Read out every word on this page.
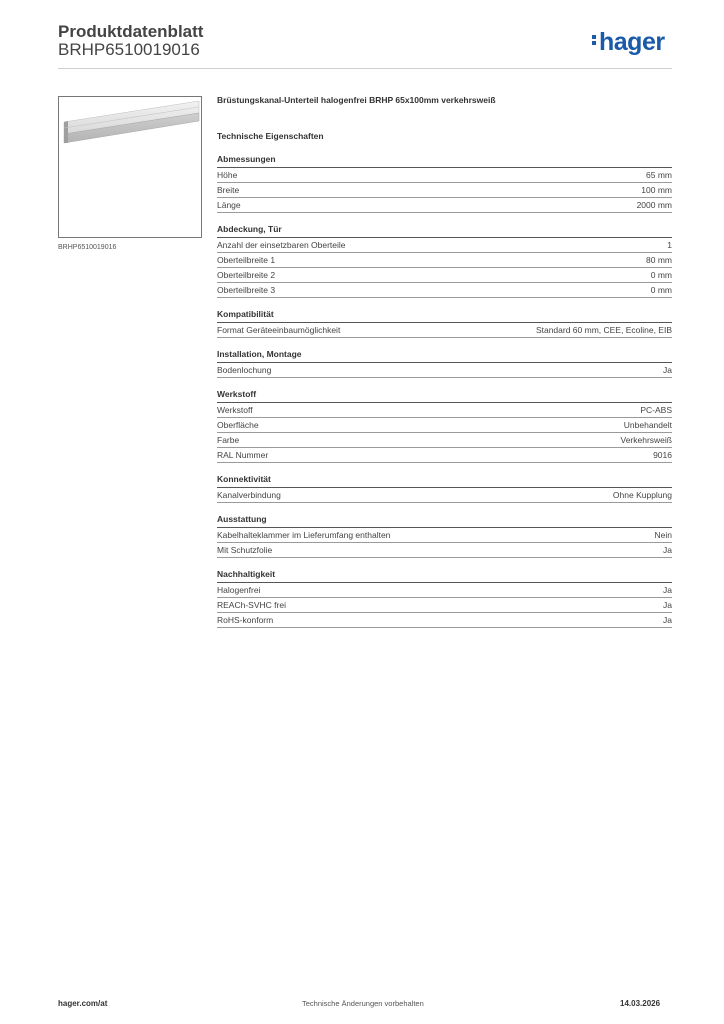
Produktdatenblatt
BRHP6510019016	hager
BRHP6510019016
Brüstungskanal-Unterteil halogenfrei BRHP 65x100mm verkehrsweiß
Technische Eigenschaften
Abmessungen
Höhe	65 mm
Breite	100 mm
Länge	2000 mm
Abdeckung, Tür
Anzahl der einsetzbaren Oberteile	1
Oberteilbreite 1	80 mm
Oberteilbreite 2	0 mm
Oberteilbreite 3	0 mm
Kompatibilität
Format Geräteeinbaumöglichkeit	Standard 60 mm, CEE, Ecoline, EIB
Installation, Montage
Bodenlochung	Ja
Werkstoff
Werkstoff	PC-ABS
Oberfläche	Unbehandelt
Farbe	Verkehrsweiß
RAL Nummer	9016
Konnektivität
Kanalverbindung	Ohne Kupplung
Ausstattung
Kabelhalteklammer im Lieferumfang enthalten	Nein
Mit Schutzfolie	Ja
Nachhaltigkeit
Halogenfrei	Ja
REACh-SVHC frei	Ja
RoHS-konform	Ja
hager.com/at	Technische Änderungen vorbehalten	14.03.2026
